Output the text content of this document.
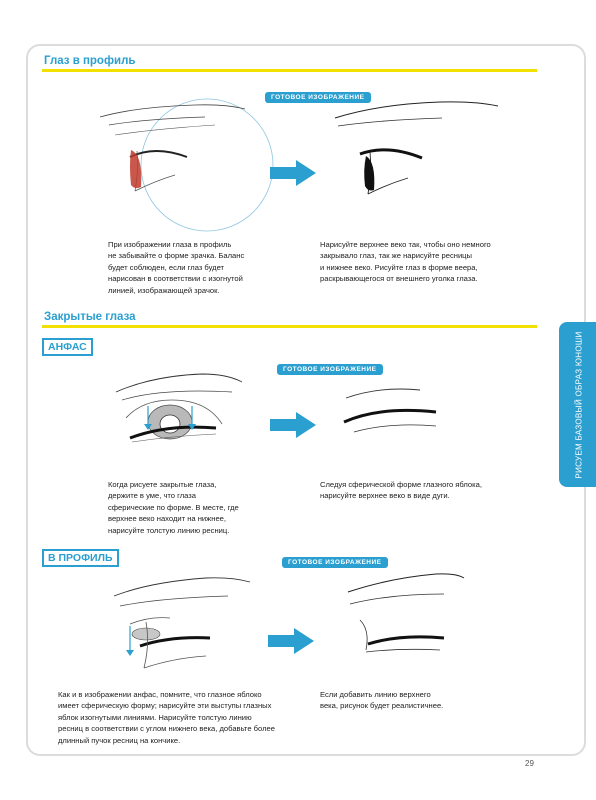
Глаз в профиль
ГОТОВОЕ ИЗОБРАЖЕНИЕ
При изображении глаза в профиль
не забывайте о форме зрачка. Баланс
будет соблюден, если глаз будет
нарисован в соответствии с изогнутой
линией, изображающей зрачок.
Нарисуйте верхнее веко так, чтобы оно немного
закрывало глаз, так же нарисуйте ресницы
и нижнее веко. Рисуйте глаз в форме веера,
раскрывающегося от внешнего уголка глаза.
Закрытые глаза
АНФАС
ГОТОВОЕ ИЗОБРАЖЕНИЕ
Когда рисуете закрытые глаза,
держите в уме, что глаза
сферические по форме. В месте, где
верхнее веко находит на нижнее,
нарисуйте толстую линию ресниц.
Следуя сферической форме глазного яблока,
нарисуйте верхнее веко в виде дуги.
В ПРОФИЛЬ	ГОТОВОЕ ИЗОБРАЖЕНИЕ
Как и в изображении анфас, помните, что глазное яблоко
имеет сферическую форму; нарисуйте эти выступы глазных
яблок изогнутыми линиями. Нарисуйте толстую линию
ресниц в соответствии с углом нижнего века, добавьте более
длинный пучок ресниц на кончике.
Если добавить линию верхнего
века, рисунок будет реалистичнее.
РИСУЕМ БАЗОВЫЙ ОБРАЗ ЮНОШИ
29
